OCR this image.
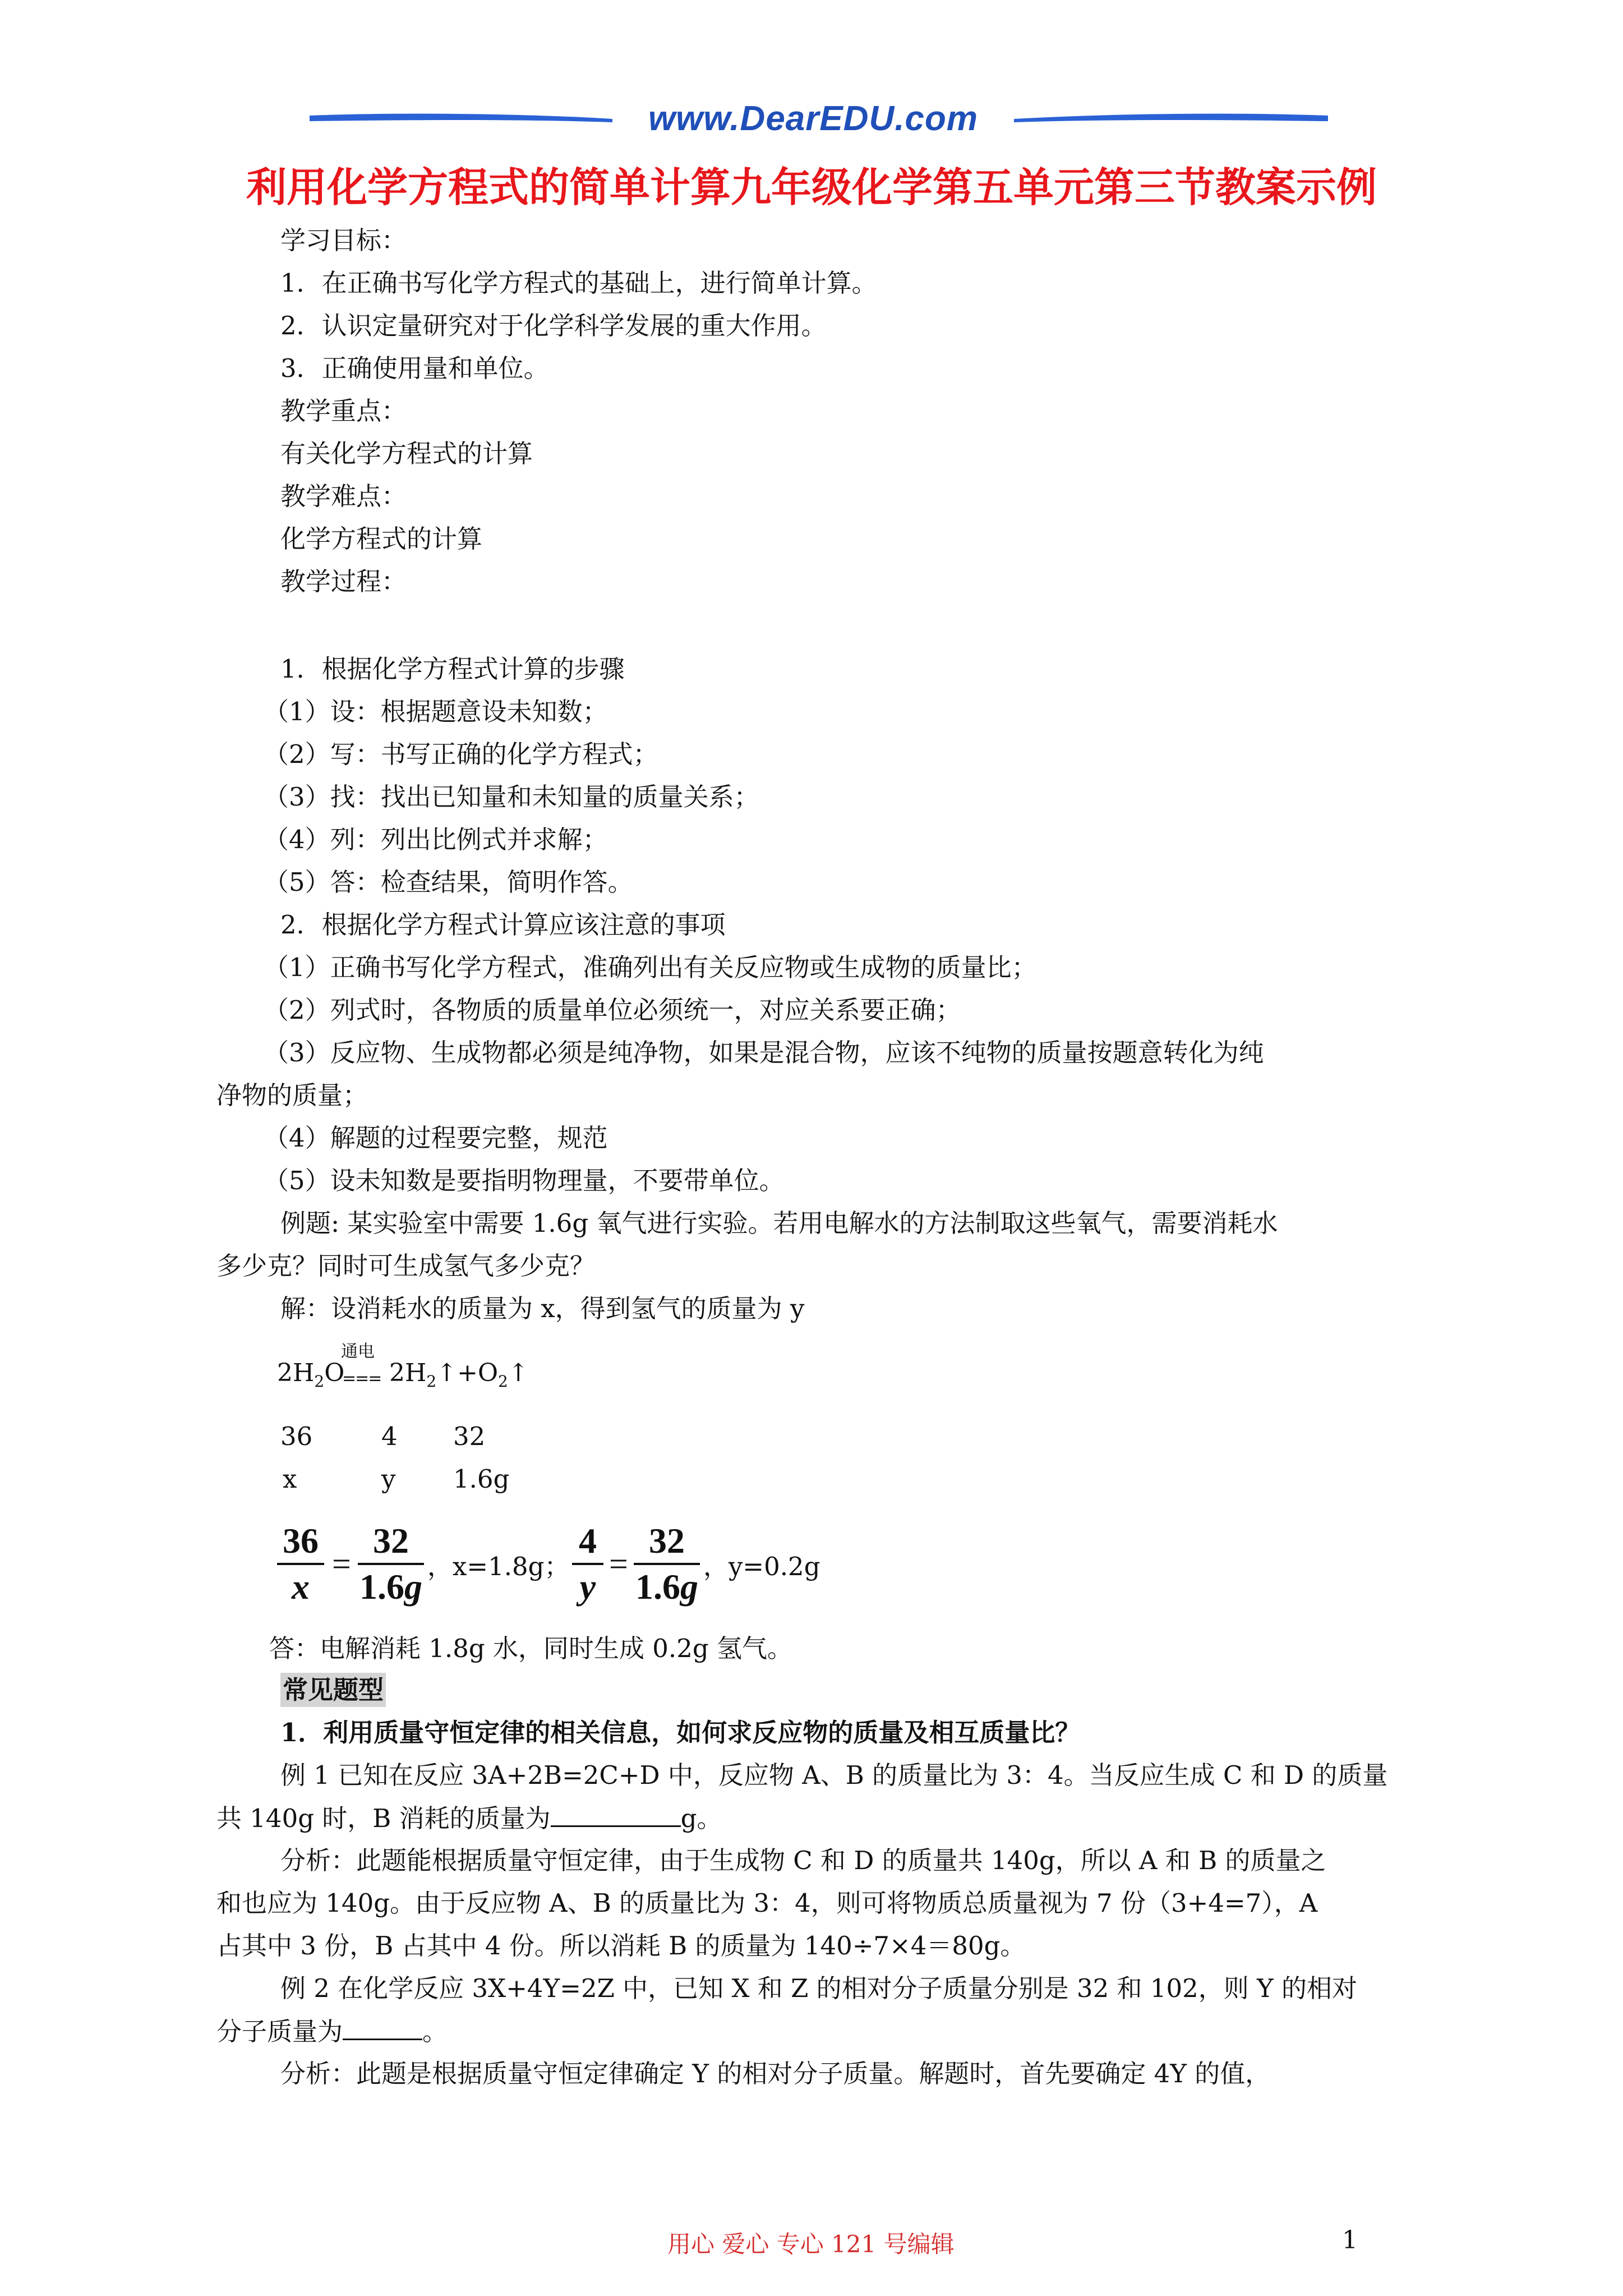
www.DearEDU.com
利用化学方程式的简单计算九年级化学第五单元第三节教案示例
学习目标：
1．在正确书写化学方程式的基础上，进行简单计算。
2．认识定量研究对于化学科学发展的重大作用。
3．正确使用量和单位。
教学重点：
有关化学方程式的计算
教学难点：
化学方程式的计算
教学过程：
1．根据化学方程式计算的步骤
（1）设：根据题意设未知数；
（2）写：书写正确的化学方程式；
（3）找：找出已知量和未知量的质量关系；
（4）列：列出比例式并求解；
（5）答：检查结果，简明作答。
2．根据化学方程式计算应该注意的事项
（1）正确书写化学方程式，准确列出有关反应物或生成物的质量比；
（2）列式时，各物质的质量单位必须统一，对应关系要正确；
（3）反应物、生成物都必须是纯净物，如果是混合物，应该不纯物的质量按题意转化为纯
净物的质量；
（4）解题的过程要完整，规范
（5）设未知数是要指明物理量，不要带单位。
例题: 某实验室中需要 1.6g 氧气进行实验。若用电解水的方法制取这些氧气，需要消耗水
多少克？同时可生成氢气多少克？
解：设消耗水的质量为 x，得到氢气的质量为 y
$2H_2O$
通电
=== $2H_2↑+O_2↑$
36	4 32
x	y 1.6g
36
x
=
32
1.6g
，x=1.8g；
4
y
=
32
1.6g
，y=0.2g
答：电解消耗 1.8g 水，同时生成 0.2g 氢气。
常见题型
1．利用质量守恒定律的相关信息，如何求反应物的质量及相互质量比？
例 1 已知在反应 3A+2B=2C+D 中，反应物 A、B 的质量比为 3：4。当反应生成 C 和 D 的质量
共 140g 时，B 消耗的质量为	g。
分析：此题能根据质量守恒定律，由于生成物 C 和 D 的质量共 140g，所以 A 和 B 的质量之
和也应为 140g。由于反应物 A、B 的质量比为 3：4，则可将物质总质量视为 7 份（3+4=7），A
占其中 3 份，B 占其中 4 份。所以消耗 B 的质量为 140÷7×4＝80g。
例 2 在化学反应 3X+4Y=2Z 中，已知 X 和 Z 的相对分子质量分别是 32 和 102，则 Y 的相对
分子质量为	。
分析：此题是根据质量守恒定律确定 Y 的相对分子质量。解题时，首先要确定 4Y 的值，
用心 爱心 专心 121 号编辑	1
